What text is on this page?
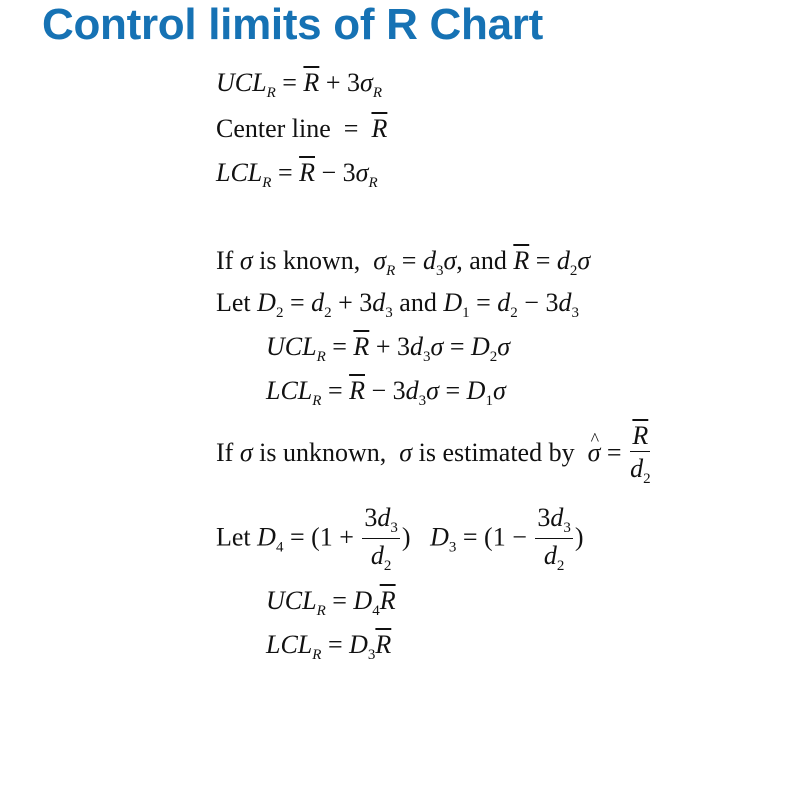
Control limits of R Chart
$UCL_R = \overline{R} + 3\sigma_R$
Center line  =  $\overline{R}$
$LCL_R = \overline{R} - 3\sigma_R$
If σ is known, $\sigma_R = d_3\sigma$, and $\overline{R} = d_2\sigma$
Let $D_2 = d_2 + 3d_3$ and $D_1 = d_2 - 3d_3$
$UCL_R = \overline{R} + 3d_3\sigma = D_2\sigma$
$LCL_R = \overline{R} - 3d_3\sigma = D_1\sigma$
If σ is unknown, σ is estimated by ^ $\sigma = \frac{\overline{R}}{d_2}$
Let $D_4 = (1 + \frac{3d_3}{d_2}$ )   $D_3 = (1 - \frac{3d_3}{d_2}$ )
$UCL_R = D_4\overline{R}$
$LCL_R = D_3\overline{R}$
